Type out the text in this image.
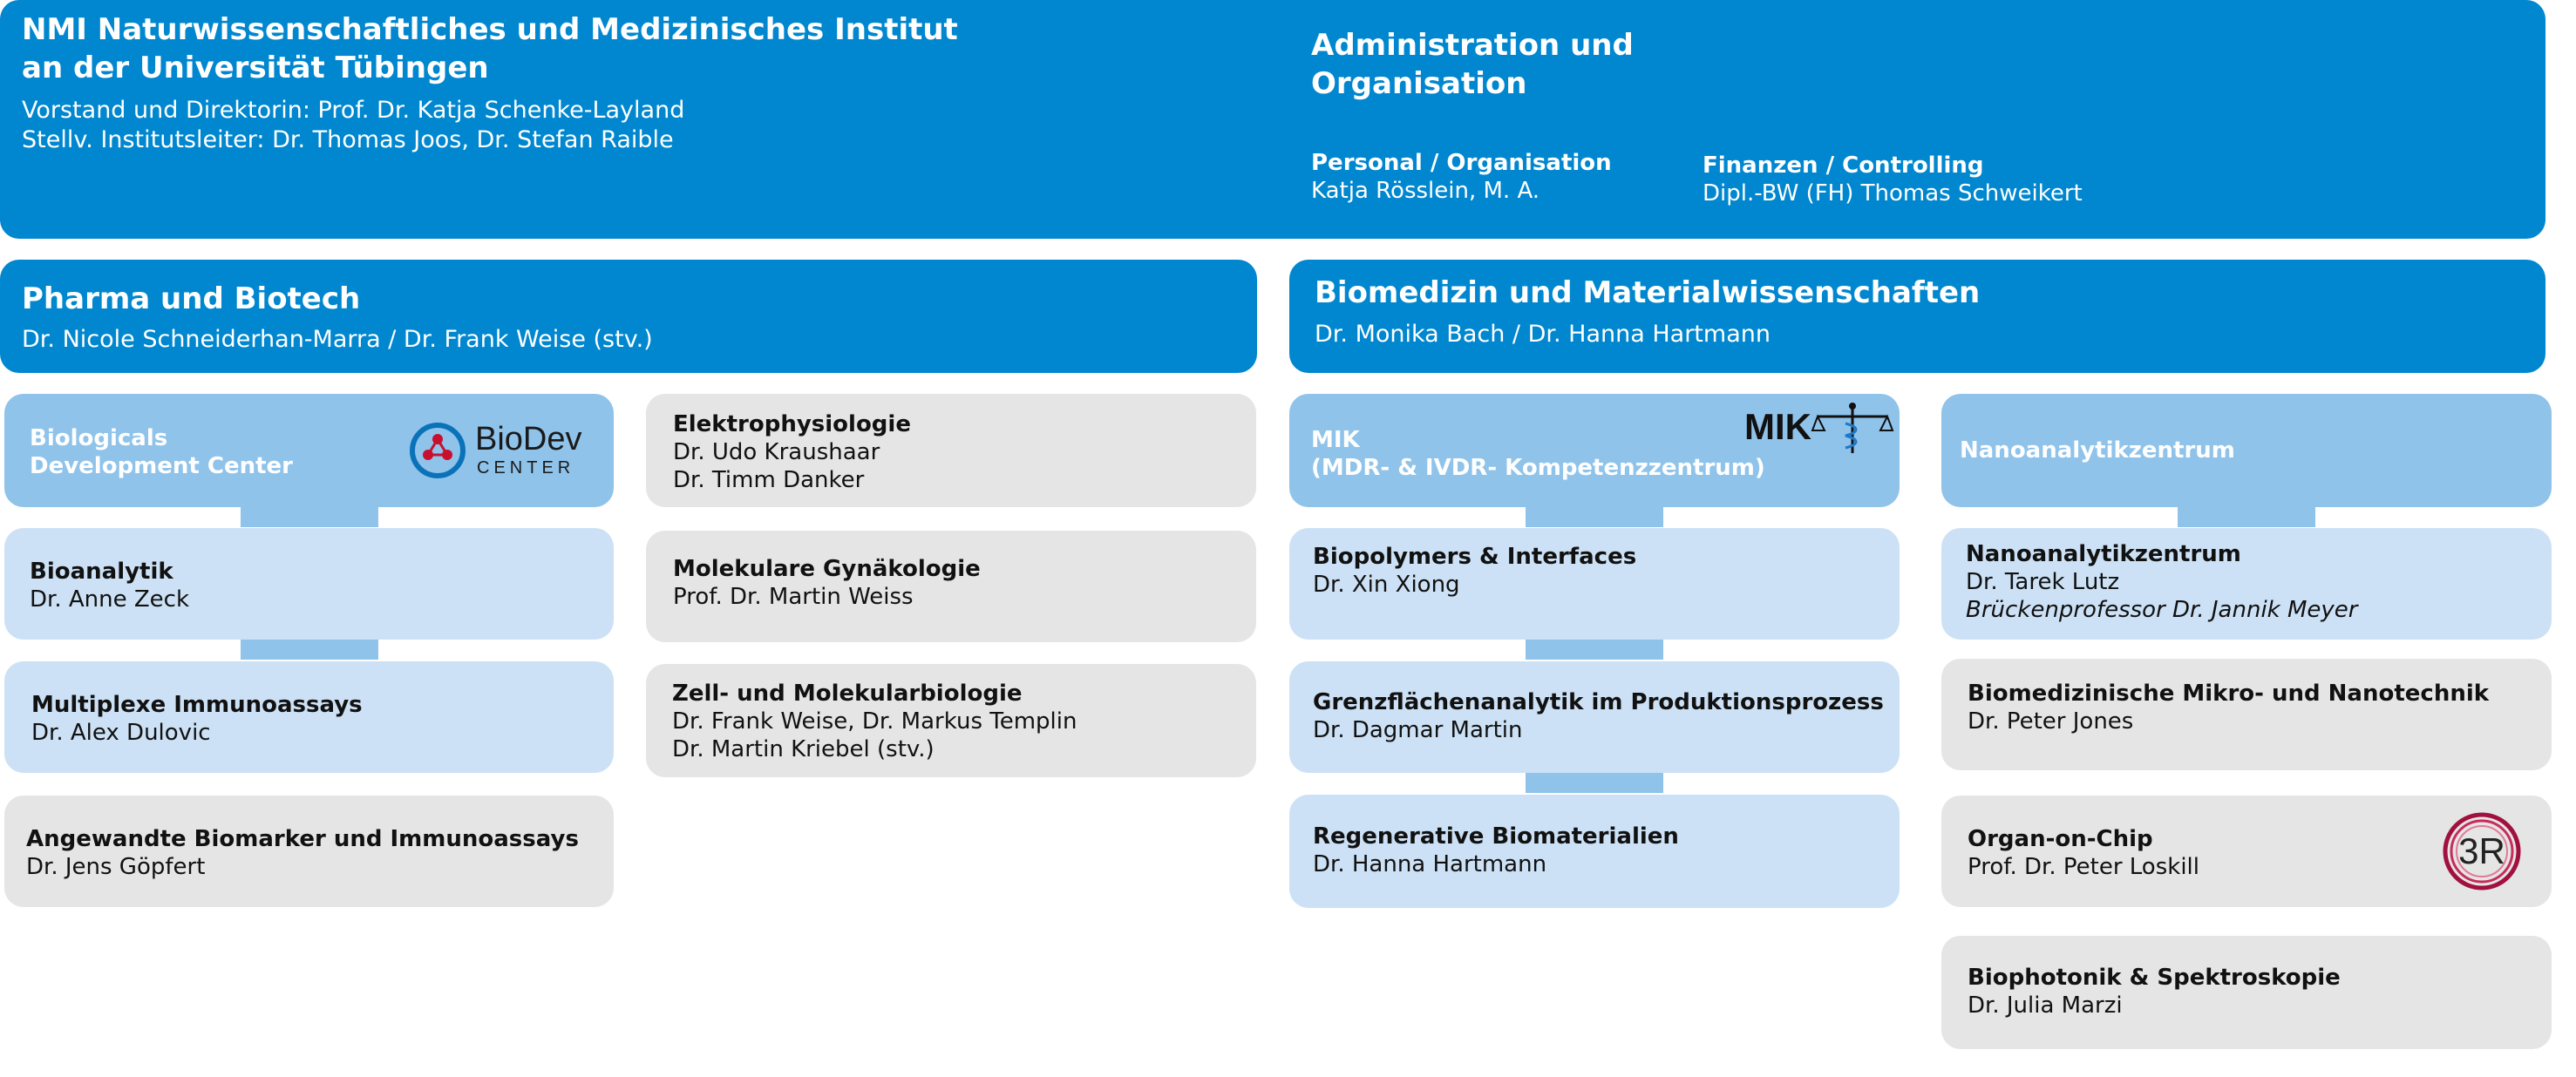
NMI Naturwissenschaftliches und Medizinisches Institut
an der Universität Tübingen
Vorstand und Direktorin: Prof. Dr. Katja Schenke-Layland
Stellv. Institutsleiter: Dr. Thomas Joos, Dr. Stefan Raible
Administration und
Organisation
Personal / Organisation
Katja Rösslein, M. A.
Finanzen / Controlling
Dipl.-BW (FH) Thomas Schweikert
Pharma und Biotech
Dr. Nicole Schneiderhan-Marra / Dr. Frank Weise (stv.)
Biomedizin und Materialwissenschaften
Dr. Monika Bach / Dr. Hanna Hartmann
Biologicals
Development Center
BioDev
CENTER
Bioanalytik
Dr. Anne Zeck
Multiplexe Immunoassays
Dr. Alex Dulovic
Angewandte Biomarker und Immunoassays
Dr. Jens Göpfert
Elektrophysiologie
Dr. Udo Kraushaar
Dr. Timm Danker
Molekulare Gynäkologie
Prof. Dr. Martin Weiss
Zell- und Molekularbiologie
Dr. Frank Weise, Dr. Markus Templin
Dr. Martin Kriebel (stv.)
MIK
(MDR- & IVDR- Kompetenzzentrum)
MIK
Biopolymers & Interfaces
Dr. Xin Xiong
Grenzflächenanalytik im Produktionsprozess
Dr. Dagmar Martin
Regenerative Biomaterialien
Dr. Hanna Hartmann
Nanoanalytikzentrum
Nanoanalytikzentrum
Dr. Tarek Lutz
Brückenprofessor Dr. Jannik Meyer
Biomedizinische Mikro- und Nanotechnik
Dr. Peter Jones
Organ-on-Chip
Prof. Dr. Peter Loskill	3R
Biophotonik & Spektroskopie
Dr. Julia Marzi
